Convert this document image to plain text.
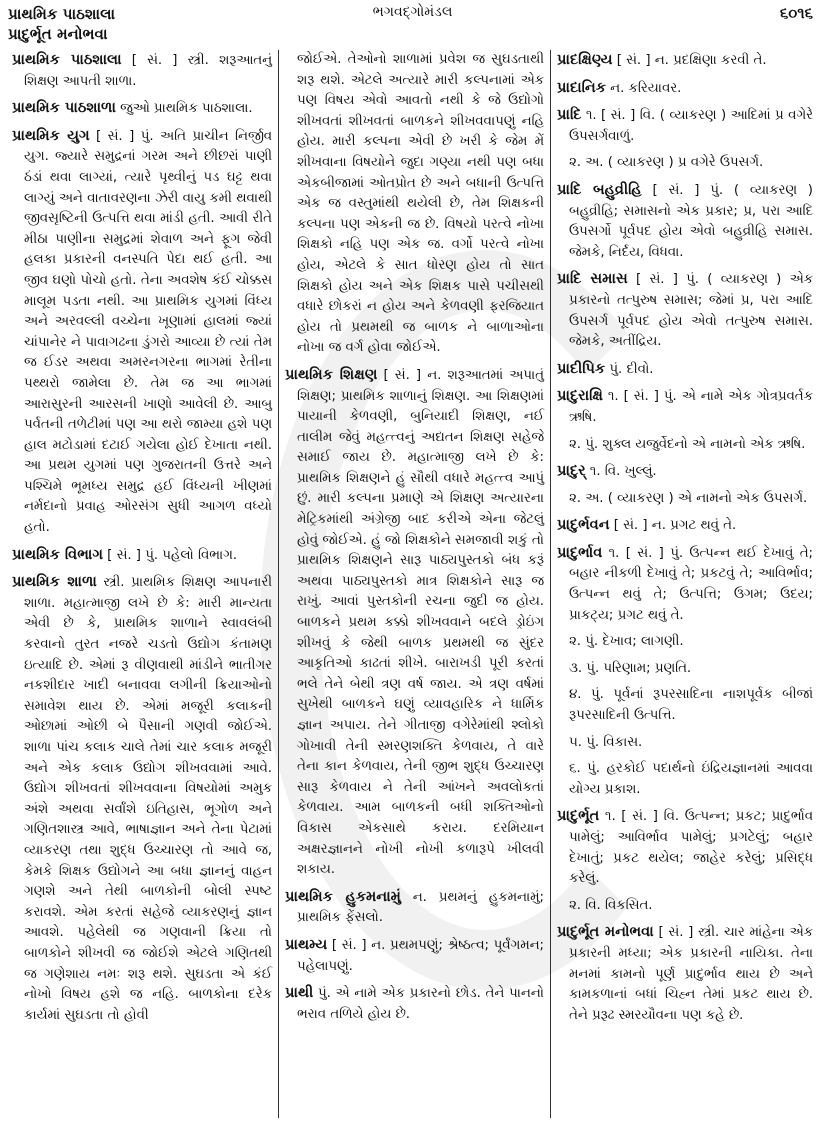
પ્રાથમિક પાઠશાલા
પ્રાદુર્ભૂત મનોભવા
ભગવદ્ગોમંડલ	૬૦૧૬

પ્રાથમિક પાઠશાલા [ સં. ] સ્ત્રી. શરૂઆતનું શિક્ષણ આપતી શાળા.

પ્રાથમિક પાઠશાળા જુઓ પ્રાથમિક પાઠશાલા.

પ્રાથમિક યુગ [ સં. ] પું. અતિ પ્રાચીન નિર્જીવ યુગ. જ્યારે સમુદ્રનાં ગરમ અને છીછરાં પાણી ઠંડાં થવા લાગ્યાં, ત્યારે પૃથ્વીનું પડ ઘટ્ટ થવા લાગ્યું અને વાતાવરણના ઝેરી વાયુ કમી થવાથી જીવસૃષ્ટિની ઉત્પત્તિ થવા માંડી હતી. આવી રીતે મીઠા પાણીના સમુદ્રમાં શેવાળ અને ફૂગ જેવી હલકા પ્રકારની વનસ્પતિ પેદા થઈ હતી. આ જીવ ઘણો પોચો હતો. તેના અવશેષ કંઈ ચોક્કસ માલૂમ પડતા નથી. આ પ્રાથમિક યુગમાં વિંધ્ય અને અરવલ્લી વચ્ચેના ખૂણામાં હાલમાં જ્યાં ચાંપાનેર ને પાવાગઢના ડુંગરો આવ્યા છે ત્યાં તેમ જ ઈડર અથવા અમરનગરના ભાગમાં રેતીના પથ્થરો જામેલા છે. તેમ જ આ ભાગમાં આરાસુરની આરસની ખાણો આવેલી છે. આબુ પર્વતની તળેટીમાં પણ આ થરો જામ્યા હશે પણ હાલ મટોડામાં દટાઈ ગયેલા હોઈ દેખાતા નથી. આ પ્રથમ યુગમાં પણ ગુજરાતની ઉત્તરે અને પશ્ચિમે ભૂમધ્ય સમુદ્ર હઈ વિંધ્યની ખીણમાં નર્મદાનો પ્રવાહ ઓરસંગ સુધી આગળ વધ્યો હતો.

પ્રાથમિક વિભાગ [ સં. ] પું. પહેલો વિભાગ.

પ્રાથમિક શાળા સ્ત્રી. પ્રાથમિક શિક્ષણ આપનારી શાળા. મહાત્માજી લખે છે કે: મારી માન્યતા એવી છે કે, પ્રાથમિક શાળાને સ્વાવલંબી કરવાનો તુરત નજરે ચડતો ઉદ્યોગ કંતામણ ઇત્યાદિ છે. એમાં રૂ વીણવાથી માંડીને ભાતીગર નકશીદાર ખાદી બનાવવા લગીની ક્રિયાઓનો સમાવેશ થાય છે. એમાં મજૂરી કલાકની ઓછામાં ઓછી બે પૈસાની ગણવી જોઈએ. શાળા પાંચ કલાક ચાલે તેમાં ચાર કલાક મજૂરી અને એક કલાક ઉદ્યોગ શીખવવામાં આવે. ઉદ્યોગ શીખવતાં શીખવવાના વિષયોમાં અમુક અંશે અથવા સર્વાંશે ઇતિહાસ, ભૂગોળ અને ગણિતશાસ્ત્ર આવે, ભાષાજ્ઞાન અને તેના પેટામાં વ્યાકરણ તથા શુદ્ધ ઉચ્ચારણ તો આવે જ, કેમકે શિક્ષક ઉદ્યોગને આ બધા જ્ઞાનનું વાહન ગણશે અને તેથી બાળકોની બોલી સ્પષ્ટ કરાવશે. એમ કરતાં સહેજે વ્યાકરણનું જ્ઞાન આવશે. પહેલેથી જ ગણવાની ક્રિયા તો બાળકોને શીખવી જ જોઈશે એટલે ગણિતથી જ ગણેશાય નમઃ શરૂ થશે. સુઘડતા એ કંઈ નોખો વિષય હશે જ નહિ. બાળકોના દરેક કાર્યમાં સુઘડતા તો હોવી

જોઈએ. તેઓનો શાળામાં પ્રવેશ જ સુઘડતાથી શરૂ થશે. એટલે અત્યારે મારી કલ્પનામાં એક પણ વિષય એવો આવતો નથી કે જે ઉદ્યોગો શીખવતાં શીખવતાં બાળકને શીખવવાપણું નહિ હોય. મારી કલ્પના એવી છે ખરી કે જેમ મેં શીખવાના વિષયોને જુદા ગણ્યા નથી પણ બધા એકબીજામાં ઓતપ્રોત છે અને બધાની ઉત્પત્તિ એક જ વસ્તુમાંથી થયેલી છે, તેમ શિક્ષકની કલ્પના પણ એકની જ છે. વિષયો પરત્વે નોખા શિક્ષકો નહિ પણ એક જ. વર્ગો પરત્વે નોખા હોય, એટલે કે સાત ધોરણ હોય તો સાત શિક્ષકો હોય અને એક શિક્ષક પાસે પચીસથી વધારે છોકરાં ન હોય અને કેળવણી ફરજિયાત હોય તો પ્રથમથી જ બાળક ને બાળાઓના નોખા જ વર્ગ હોવા જોઈએ.

પ્રાથમિક શિક્ષણ [ સં. ] ન. શરૂઆતમાં અપાતું શિક્ષણ; પ્રાથમિક શાળાનું શિક્ષણ. આ શિક્ષણમાં પાયાની કેળવણી, બુનિયાદી શિક્ષણ, નઈ તાલીમ જેવું મહત્ત્વનું અદ્યતન શિક્ષણ સહેજે સમાઈ જાય છે. મહાત્માજી લખે છે કે: પ્રાથમિક શિક્ષણને હું સૌથી વધારે મહત્ત્વ આપું છું. મારી કલ્પના પ્રમાણે એ શિક્ષણ અત્યારના મેટ્રિકમાંથી અંગ્રેજી બાદ કરીએ એના જેટલું હોવું જોઈએ. હું જો શિક્ષકોને સમજાવી શકું તો પ્રાથમિક શિક્ષણને સારૂ પાઠ્યપુસ્તકો બંધ કરૂં અથવા પાઠ્યપુસ્તકો માત્ર શિક્ષકોને સારૂ જ રાખું. આવાં પુસ્તકોની રચના જુદી જ હોય. બાળકને પ્રથમ કક્કો શીખવવાને બદલે ડ્રોઇંગ શીખવું કે જેથી બાળક પ્રથમથી જ સુંદર આકૃતિઓ કાઢતાં શીખે. બારાખડી પૂરી કરતાં ભલે તેને બેથી ત્રણ વર્ષ જાય. એ ત્રણ વર્ષમાં સુખેથી બાળકને ઘણું વ્યાવહારિક ને ધાર્મિક જ્ઞાન અપાય. તેને ગીતાજી વગેરેમાંથી શ્લોકો ગોખાવી તેની સ્મરણશક્તિ કેળવાય, તે વારે તેના કાન કેળવાય, તેની જીભ શુદ્ધ ઉચ્ચારણ સારૂ કેળવાય ને તેની આંખને અવલોકતાં કેળવાય. આમ બાળકની બધી શક્તિઓનો વિકાસ એકસાથે કરાય. દરમિયાન અક્ષરજ્ઞાનને નોખી નોખી કળારૂપે ખીલવી શકાય.

પ્રાથમિક હુકમનામું ન. પ્રથમનું હુકમનામું; પ્રાથમિક ફેંસલો.

પ્રાથમ્ય [ સં. ] ન. પ્રથમપણું; શ્રેષ્ઠત્વ; પૂર્વંગમન; પહેલાપણું.

પ્રાથી પું. એ નામે એક પ્રકારનો છોડ. તેને પાનનો ભરાવ તળિયે હોય છે.

પ્રાદક્ષિણ્ય [ સં. ] ન. પ્રદક્ષિણા કરવી તે.

પ્રાદાનિક ન. કરિયાવર.

પ્રાદિ ૧. [ સં. ] વિ. ( વ્યાકરણ ) આદિમાં પ્ર વગેરે ઉપસર્ગવાળું.

૨. અ. ( વ્યાકરણ ) પ્ર વગેરે ઉપસર્ગ.

પ્રાદિ બહુવ્રીહિ [ સં. ] પું. ( વ્યાકરણ ) બહુવ્રીહિ; સમાસનો એક પ્રકાર; પ્ર, પરા આદિ ઉપસર્ગો પૂર્વપદ હોય એવો બહુવ્રીહિ સમાસ. જેમકે, નિર્દય, વિધવા.

પ્રાદિ સમાસ [ સં. ] પું. ( વ્યાકરણ ) એક પ્રકારનો તત્પુરુષ સમાસ; જેમાં પ્ર, પરા આદિ ઉપસર્ગ પૂર્વપદ હોય એવો તત્પુરુષ સમાસ. જેમકે, અતીંદ્રિય.

પ્રાદીપિક પું. દીવો.

પ્રાદુરાક્ષિ ૧. [ સં. ] પું. એ નામે એક ગોત્રપ્રવર્તક ઋષિ.

૨. પું. શુક્લ યજુર્વેદનો એ નામનો એક ઋષિ.

પ્રાદુર્ ૧. વિ. ખુલ્લું.

૨. અ. ( વ્યાકરણ ) એ નામનો એક ઉપસર્ગ.

પ્રાદુર્ભવન [ સં. ] ન. પ્રગટ થવું તે.

પ્રાદુર્ભાવ ૧. [ સં. ] પું. ઉત્પન્ન થઈ દેખાવું તે; બહાર નીકળી દેખાવું તે; પ્રકટવું તે; આવિર્ભાવ; ઉત્પન્ન થવું તે; ઉત્પત્તિ; ઉગમ; ઉદય; પ્રાકટ્ય; પ્રગટ થવું તે.

૨. પું. દેખાવ; લાગણી.

૩. પું. પરિણામ; પ્રણતિ.

૪. પું. પૂર્વનાં રૂપરસાદિના નાશપૂર્વક બીજાં રૂપરસાદિની ઉત્પત્તિ.

૫. પું. વિકાસ.

૬. પું. હરકોઈ પદાર્થનો ઇંદ્રિયજ્ઞાનમાં આવવા યોગ્ય પ્રકાશ.

પ્રાદુર્ભૂત ૧. [ સં. ] વિ. ઉત્પન્ન; પ્રકટ; પ્રાદુર્ભાવ પામેલું; આવિર્ભાવ પામેલું; પ્રગટેલું; બહાર દેખાતું; પ્રકટ થયેલ; જાહેર કરેલું; પ્રસિદ્ધ કરેલું.

૨. વિ. વિકસિત.

પ્રાદુર્ભૂત મનોભવા [ સં. ] સ્ત્રી. ચાર માંહેના એક પ્રકારની મધ્યા; એક પ્રકારની નાયિકા. તેના મનમાં કામનો પૂર્ણ પ્રાદુર્ભાવ થાય છે અને કામકળાનાં બધાં ચિહ્ન તેમાં પ્રકટ થાય છે. તેને પ્રરૂઢ સ્મરયૌવના પણ કહે છે.
